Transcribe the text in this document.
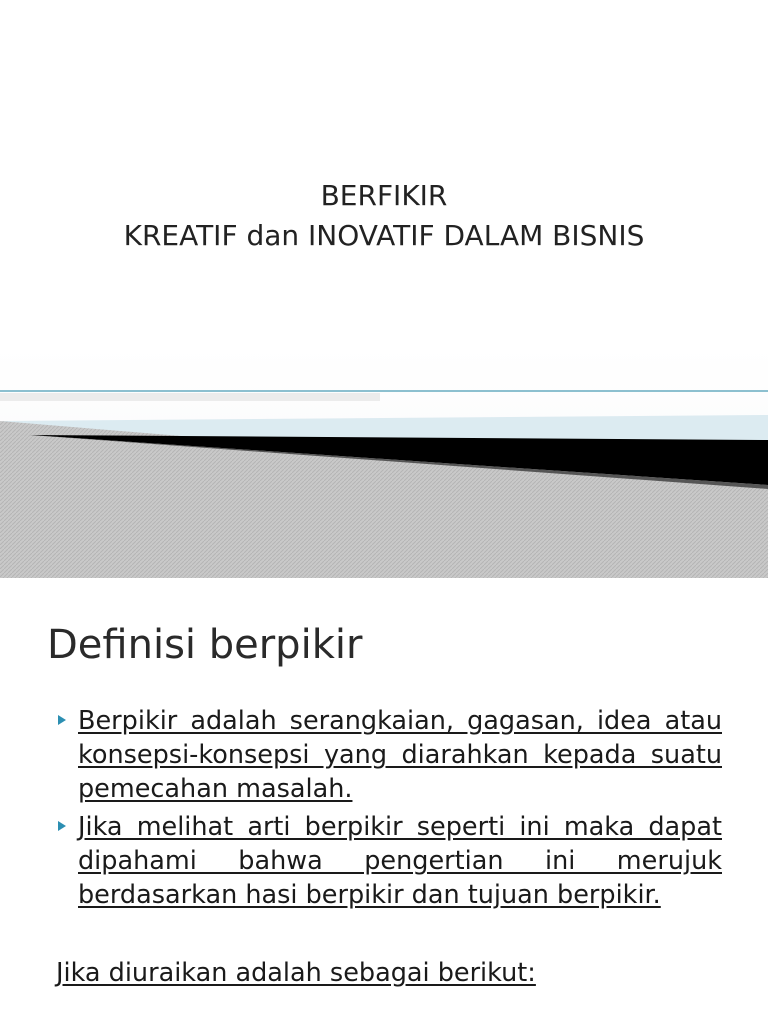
BERFIKIR
KREATIF dan INOVATIF DALAM BISNIS
Definisi berpikir
Berpikir adalah serangkaian, gagasan, idea atau konsepsi-konsepsi yang diarahkan kepada suatu pemecahan masalah.
Jika melihat arti berpikir seperti ini maka dapat dipahami bahwa pengertian ini merujuk berdasarkan hasi berpikir dan tujuan berpikir.
Jika diuraikan adalah sebagai berikut:
